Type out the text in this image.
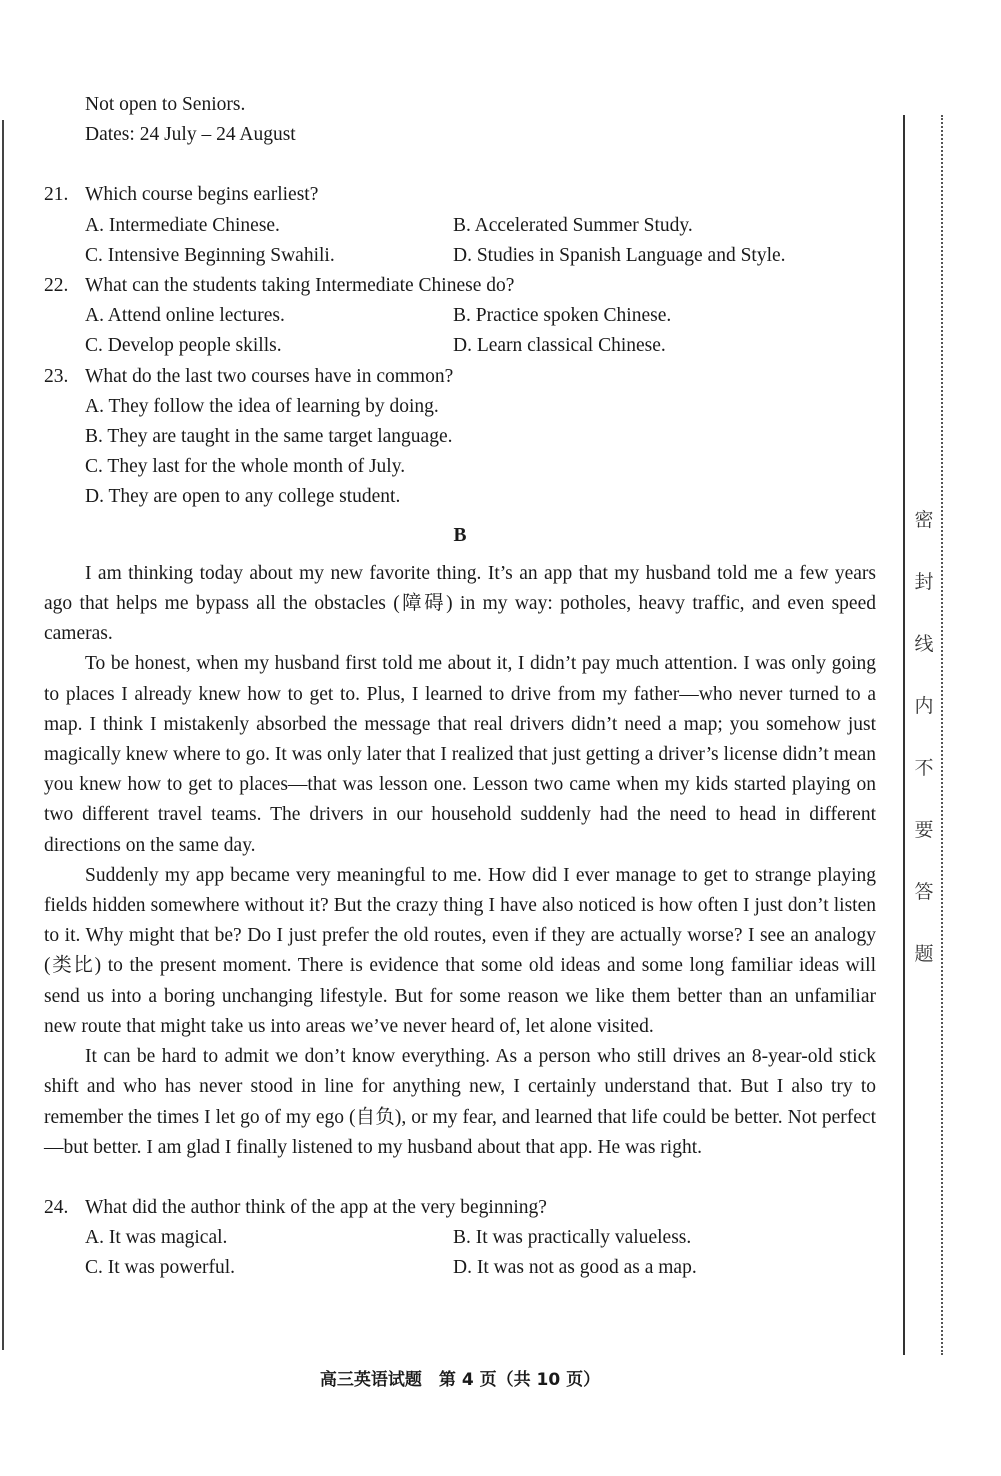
密
封
线
内
不
要
答
题
Not open to Seniors.
Dates: 24 July – 24 August
21. Which course begins earliest?
A. Intermediate Chinese.	B. Accelerated Summer Study.
C. Intensive Beginning Swahili.	D. Studies in Spanish Language and Style.
22. What can the students taking Intermediate Chinese do?
A. Attend online lectures.	B. Practice spoken Chinese.
C. Develop people skills.	D. Learn classical Chinese.
23. What do the last two courses have in common?
A. They follow the idea of learning by doing.
B. They are taught in the same target language.
C. They last for the whole month of July.
D. They are open to any college student.
B
I am thinking today about my new favorite thing. It’s an app that my husband told me a few years ago that helps me bypass all the obstacles (障碍) in my way: potholes, heavy traffic, and even speed cameras.
To be honest, when my husband first told me about it, I didn’t pay much attention. I was only going to places I already knew how to get to. Plus, I learned to drive from my father—who never turned to a map. I think I mistakenly absorbed the message that real drivers didn’t need a map; you somehow just magically knew where to go. It was only later that I realized that just getting a driver’s license didn’t mean you knew how to get to places—that was lesson one. Lesson two came when my kids started playing on two different travel teams. The drivers in our household suddenly had the need to head in different directions on the same day.
Suddenly my app became very meaningful to me. How did I ever manage to get to strange playing fields hidden somewhere without it? But the crazy thing I have also noticed is how often I just don’t listen to it. Why might that be? Do I just prefer the old routes, even if they are actually worse? I see an analogy (类比) to the present moment. There is evidence that some old ideas and some long familiar ideas will send us into a boring unchanging lifestyle. But for some reason we like them better than an unfamiliar new route that might take us into areas we’ve never heard of, let alone visited.
It can be hard to admit we don’t know everything. As a person who still drives an 8-year-old stick shift and who has never stood in line for anything new, I certainly understand that. But I also try to remember the times I let go of my ego (自负), or my fear, and learned that life could be better. Not perfect—but better. I am glad I finally listened to my husband about that app. He was right.
24. What did the author think of the app at the very beginning?
A. It was magical.	B. It was practically valueless.
C. It was powerful.	D. It was not as good as a map.
高三英语试题　第 4 页（共 10 页）
